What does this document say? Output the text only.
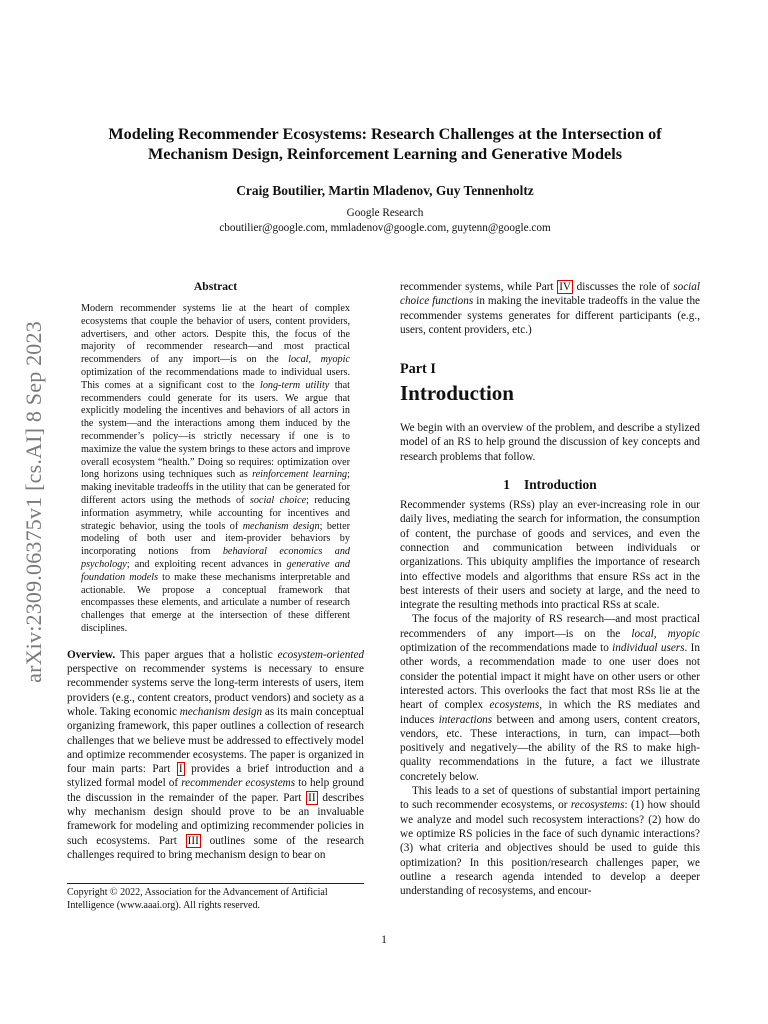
arXiv:2309.06375v1 [cs.AI] 8 Sep 2023
Modeling Recommender Ecosystems: Research Challenges at the Intersection of
Mechanism Design, Reinforcement Learning and Generative Models
Craig Boutilier, Martin Mladenov, Guy Tennenholtz
Google Research
cboutilier@google.com, mmladenov@google.com, guytenn@google.com
Abstract

Modern recommender systems lie at the heart of complex ecosystems that couple the behavior of users, content providers, advertisers, and other actors. Despite this, the focus of the majority of recommender research—and most practical recommenders of any import—is on the local, myopic optimization of the recommendations made to individual users. This comes at a significant cost to the long-term utility that recommenders could generate for its users. We argue that explicitly modeling the incentives and behaviors of all actors in the system—and the interactions among them induced by the recommender’s policy—is strictly necessary if one is to maximize the value the system brings to these actors and improve overall ecosystem “health.” Doing so requires: optimization over long horizons using techniques such as reinforcement learning; making inevitable tradeoffs in the utility that can be generated for different actors using the methods of social choice; reducing information asymmetry, while accounting for incentives and strategic behavior, using the tools of mechanism design; better modeling of both user and item-provider behaviors by incorporating notions from behavioral economics and psychology; and exploiting recent advances in generative and foundation models to make these mechanisms interpretable and actionable. We propose a conceptual framework that encompasses these elements, and articulate a number of research challenges that emerge at the intersection of these different disciplines.

Overview. This paper argues that a holistic ecosystem-oriented perspective on recommender systems is necessary to ensure recommender systems serve the long-term interests of users, item providers (e.g., content creators, product vendors) and society as a whole. Taking economic mechanism design as its main conceptual organizing framework, this paper outlines a collection of research challenges that we believe must be addressed to effectively model and optimize recommender ecosystems. The paper is organized in four main parts: Part I provides a brief introduction and a stylized formal model of recommender ecosystems to help ground the discussion in the remainder of the paper. Part II describes why mechanism design should prove to be an invaluable framework for modeling and optimizing recommender policies in such ecosystems. Part III outlines some of the research challenges required to bring mechanism design to bear on

Copyright © 2022, Association for the Advancement of Artificial Intelligence (www.aaai.org). All rights reserved.

recommender systems, while Part IV discusses the role of social choice functions in making the inevitable tradeoffs in the value the recommender systems generates for different participants (e.g., users, content providers, etc.)

Part I
Introduction

We begin with an overview of the problem, and describe a stylized model of an RS to help ground the discussion of key concepts and research problems that follow.

1 Introduction

Recommender systems (RSs) play an ever-increasing role in our daily lives, mediating the search for information, the consumption of content, the purchase of goods and services, and even the connection and communication between individuals or organizations. This ubiquity amplifies the importance of research into effective models and algorithms that ensure RSs act in the best interests of their users and society at large, and the need to integrate the resulting methods into practical RSs at scale.

The focus of the majority of RS research—and most practical recommenders of any import—is on the local, myopic optimization of the recommendations made to individual users. In other words, a recommendation made to one user does not consider the potential impact it might have on other users or other interested actors. This overlooks the fact that most RSs lie at the heart of complex ecosystems, in which the RS mediates and induces interactions between and among users, content creators, vendors, etc. These interactions, in turn, can impact—both positively and negatively—the ability of the RS to make high-quality recommendations in the future, a fact we illustrate concretely below.

This leads to a set of questions of substantial import pertaining to such recommender ecosystems, or recosystems: (1) how should we analyze and model such recosystem interactions? (2) how do we optimize RS policies in the face of such dynamic interactions? (3) what criteria and objectives should be used to guide this optimization? In this position/research challenges paper, we outline a research agenda intended to develop a deeper understanding of recosystems, and encour-

1
